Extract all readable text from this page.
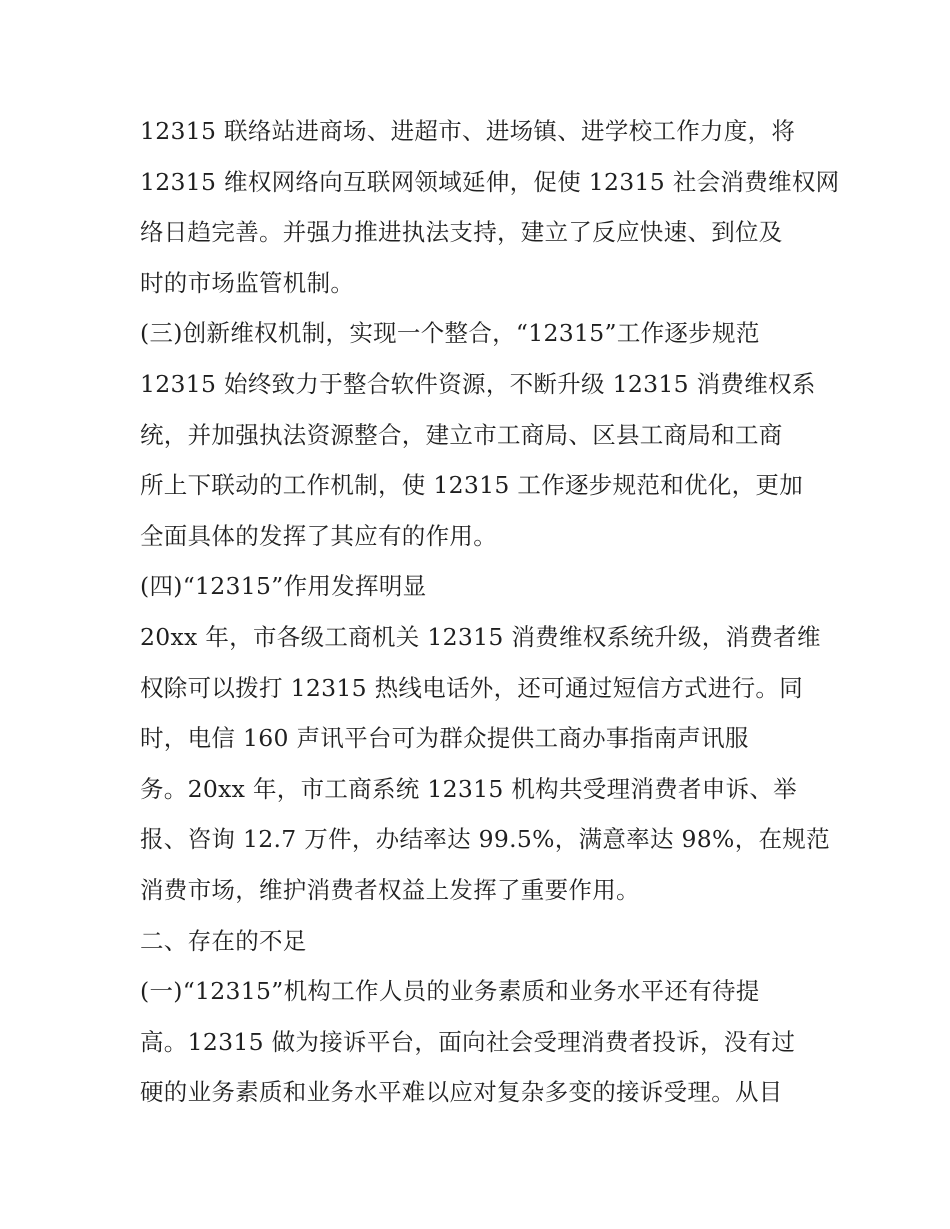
12315 联络站进商场、进超市、进场镇、进学校工作力度，将
12315 维权网络向互联网领域延伸，促使 12315 社会消费维权网
络日趋完善。并强力推进执法支持，建立了反应快速、到位及
时的市场监管机制。
(三)创新维权机制，实现一个整合，“12315”工作逐步规范
12315 始终致力于整合软件资源，不断升级 12315 消费维权系
统，并加强执法资源整合，建立市工商局、区县工商局和工商
所上下联动的工作机制，使 12315 工作逐步规范和优化，更加
全面具体的发挥了其应有的作用。
(四)“12315”作用发挥明显
20xx 年，市各级工商机关 12315 消费维权系统升级，消费者维
权除可以拨打 12315 热线电话外，还可通过短信方式进行。同
时，电信 160 声讯平台可为群众提供工商办事指南声讯服
务。20xx 年，市工商系统 12315 机构共受理消费者申诉、举
报、咨询 12.7 万件，办结率达 99.5%，满意率达 98%，在规范
消费市场，维护消费者权益上发挥了重要作用。
二、存在的不足
(一)“12315”机构工作人员的业务素质和业务水平还有待提
高。12315 做为接诉平台，面向社会受理消费者投诉，没有过
硬的业务素质和业务水平难以应对复杂多变的接诉受理。从目
